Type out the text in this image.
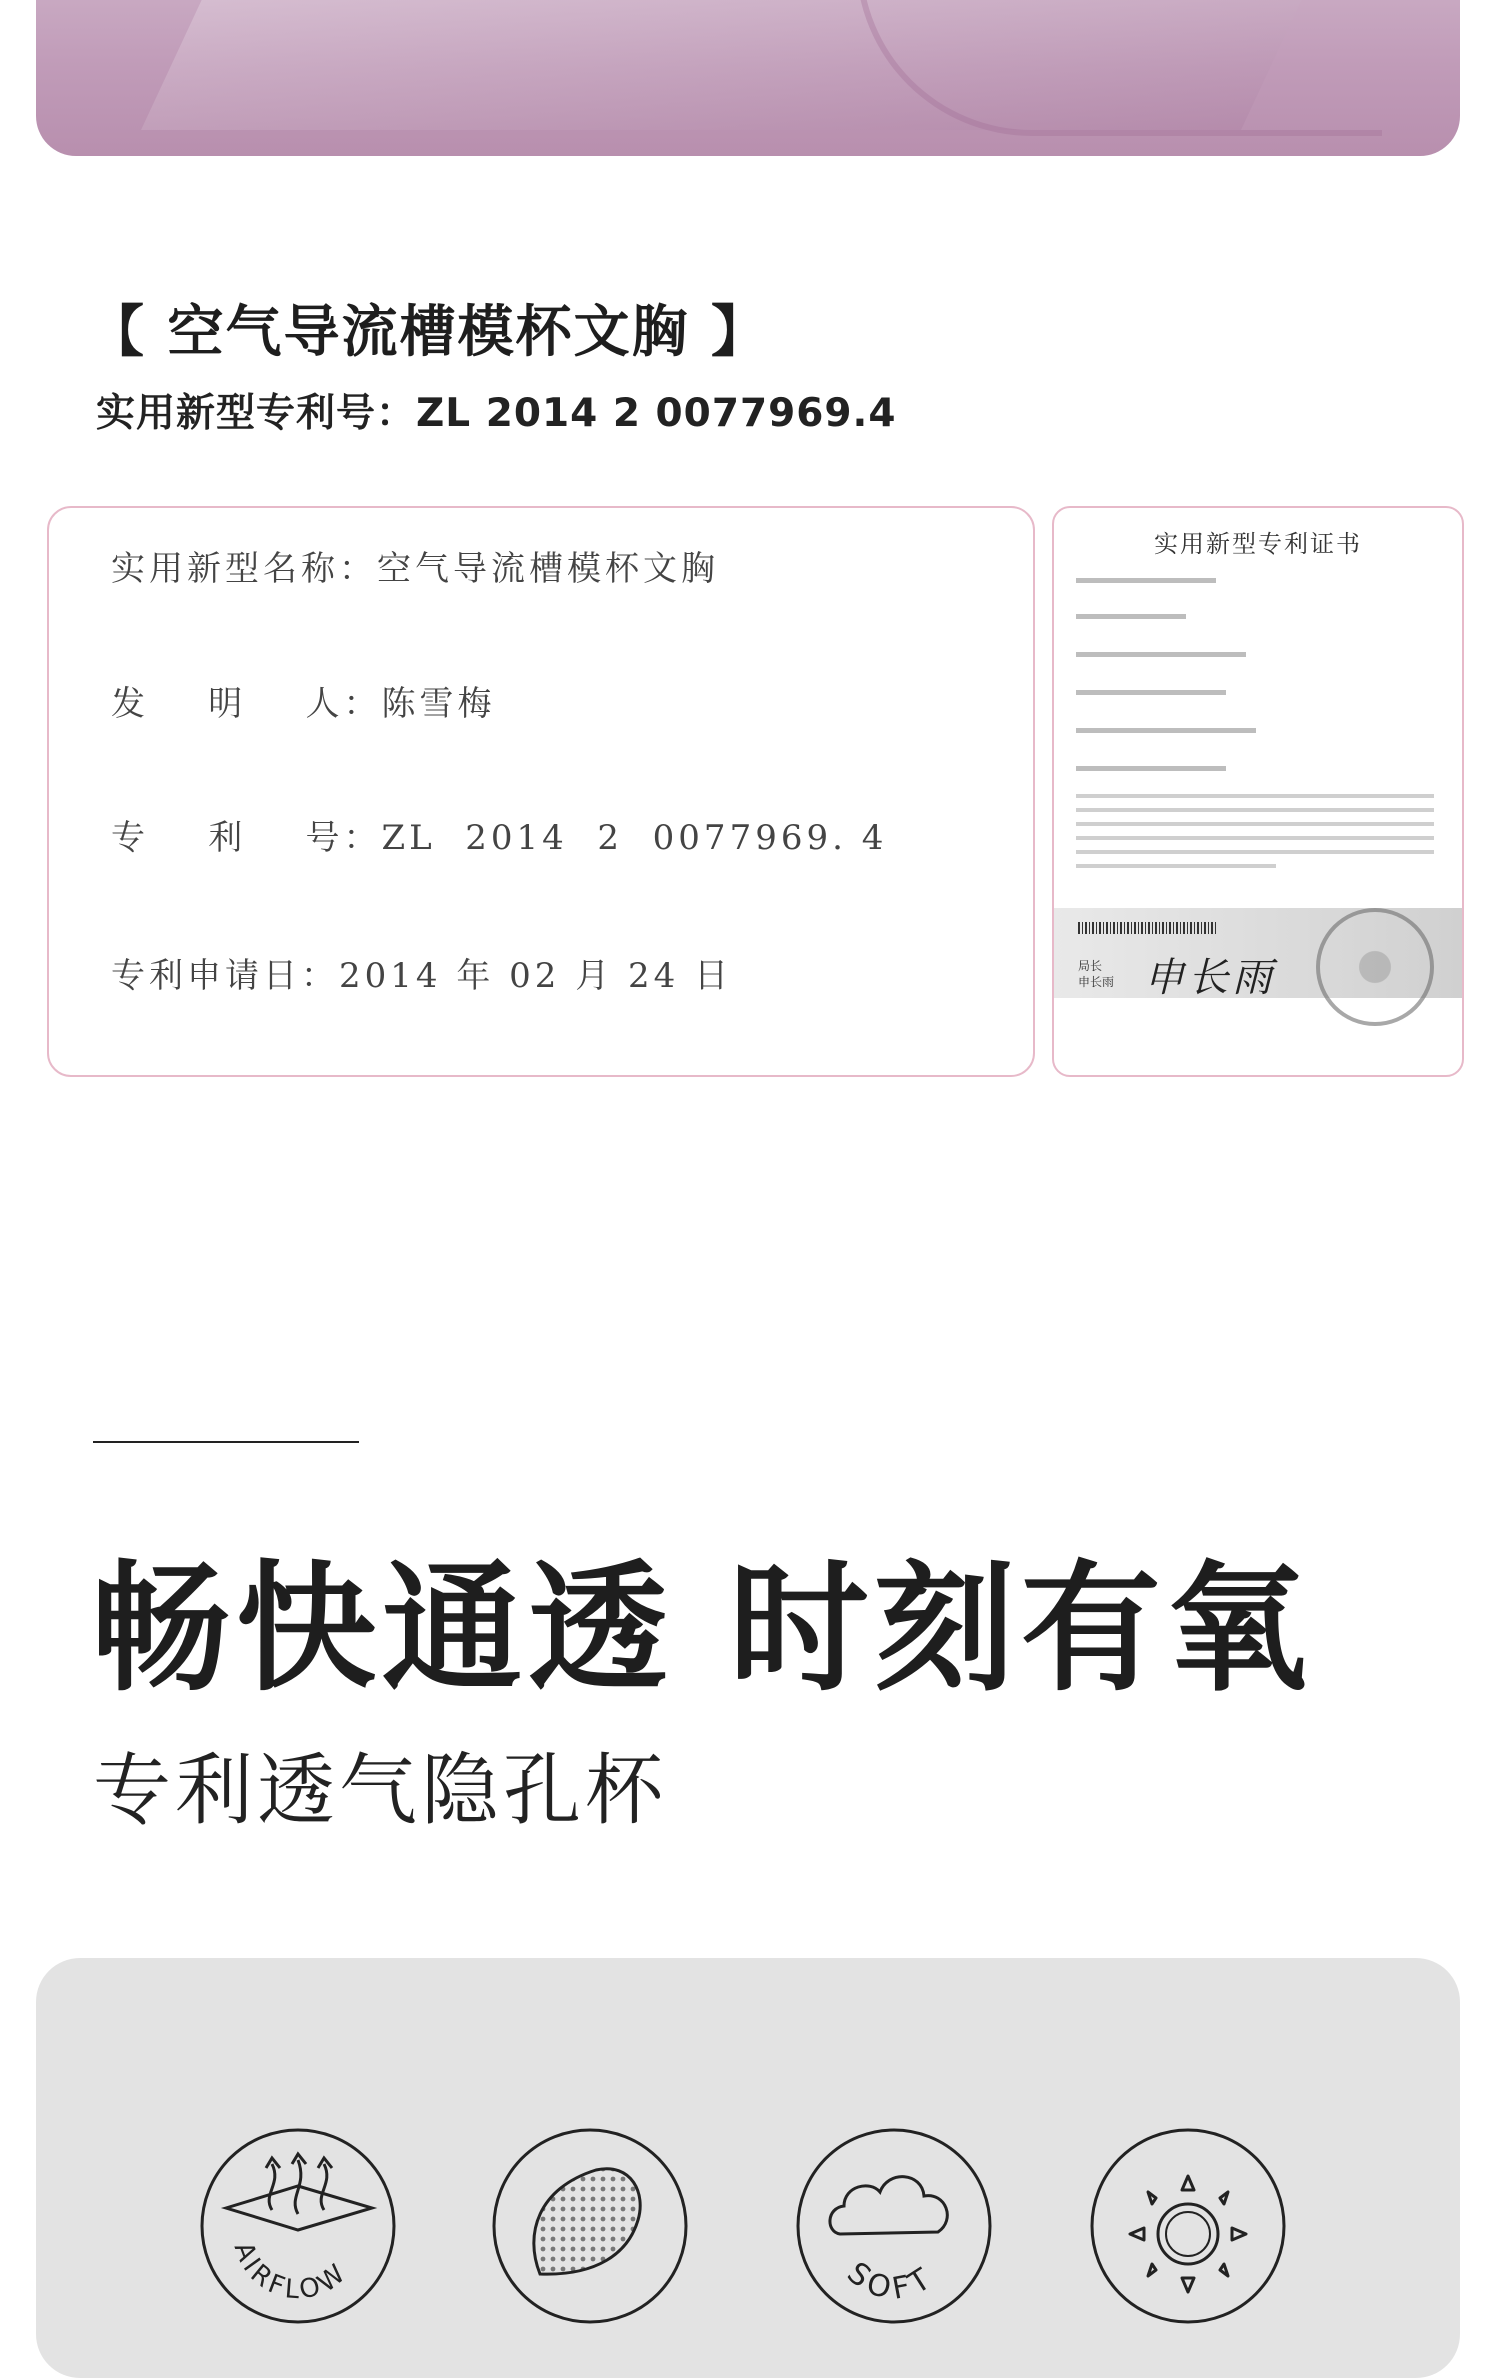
【 空气导流槽模杯文胸 】
实用新型专利号：ZL 2014 2 0077969.4
实用新型名称：空气导流槽模杯文胸
发    明    人：陈雪梅
专    利    号：ZL  2014  2  0077969. 4
专利申请日：2014 年 02 月 24 日
实用新型专利证书
局长
申长雨 申长雨
畅快通透 时刻有氧
专利透气隐孔杯
AIRFLOW	SOFT
